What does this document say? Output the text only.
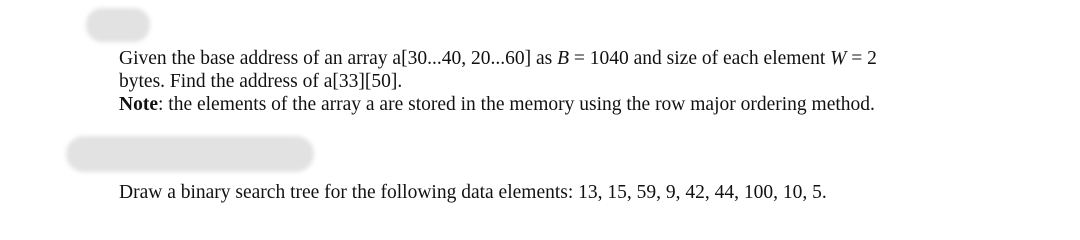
Given the base address of an array a[30...40, 20...60] as B = 1040 and size of each element W = 2
bytes. Find the address of a[33][50].
Note: the elements of the array a are stored in the memory using the row major ordering method.
Draw a binary search tree for the following data elements: 13, 15, 59, 9, 42, 44, 100, 10, 5.
